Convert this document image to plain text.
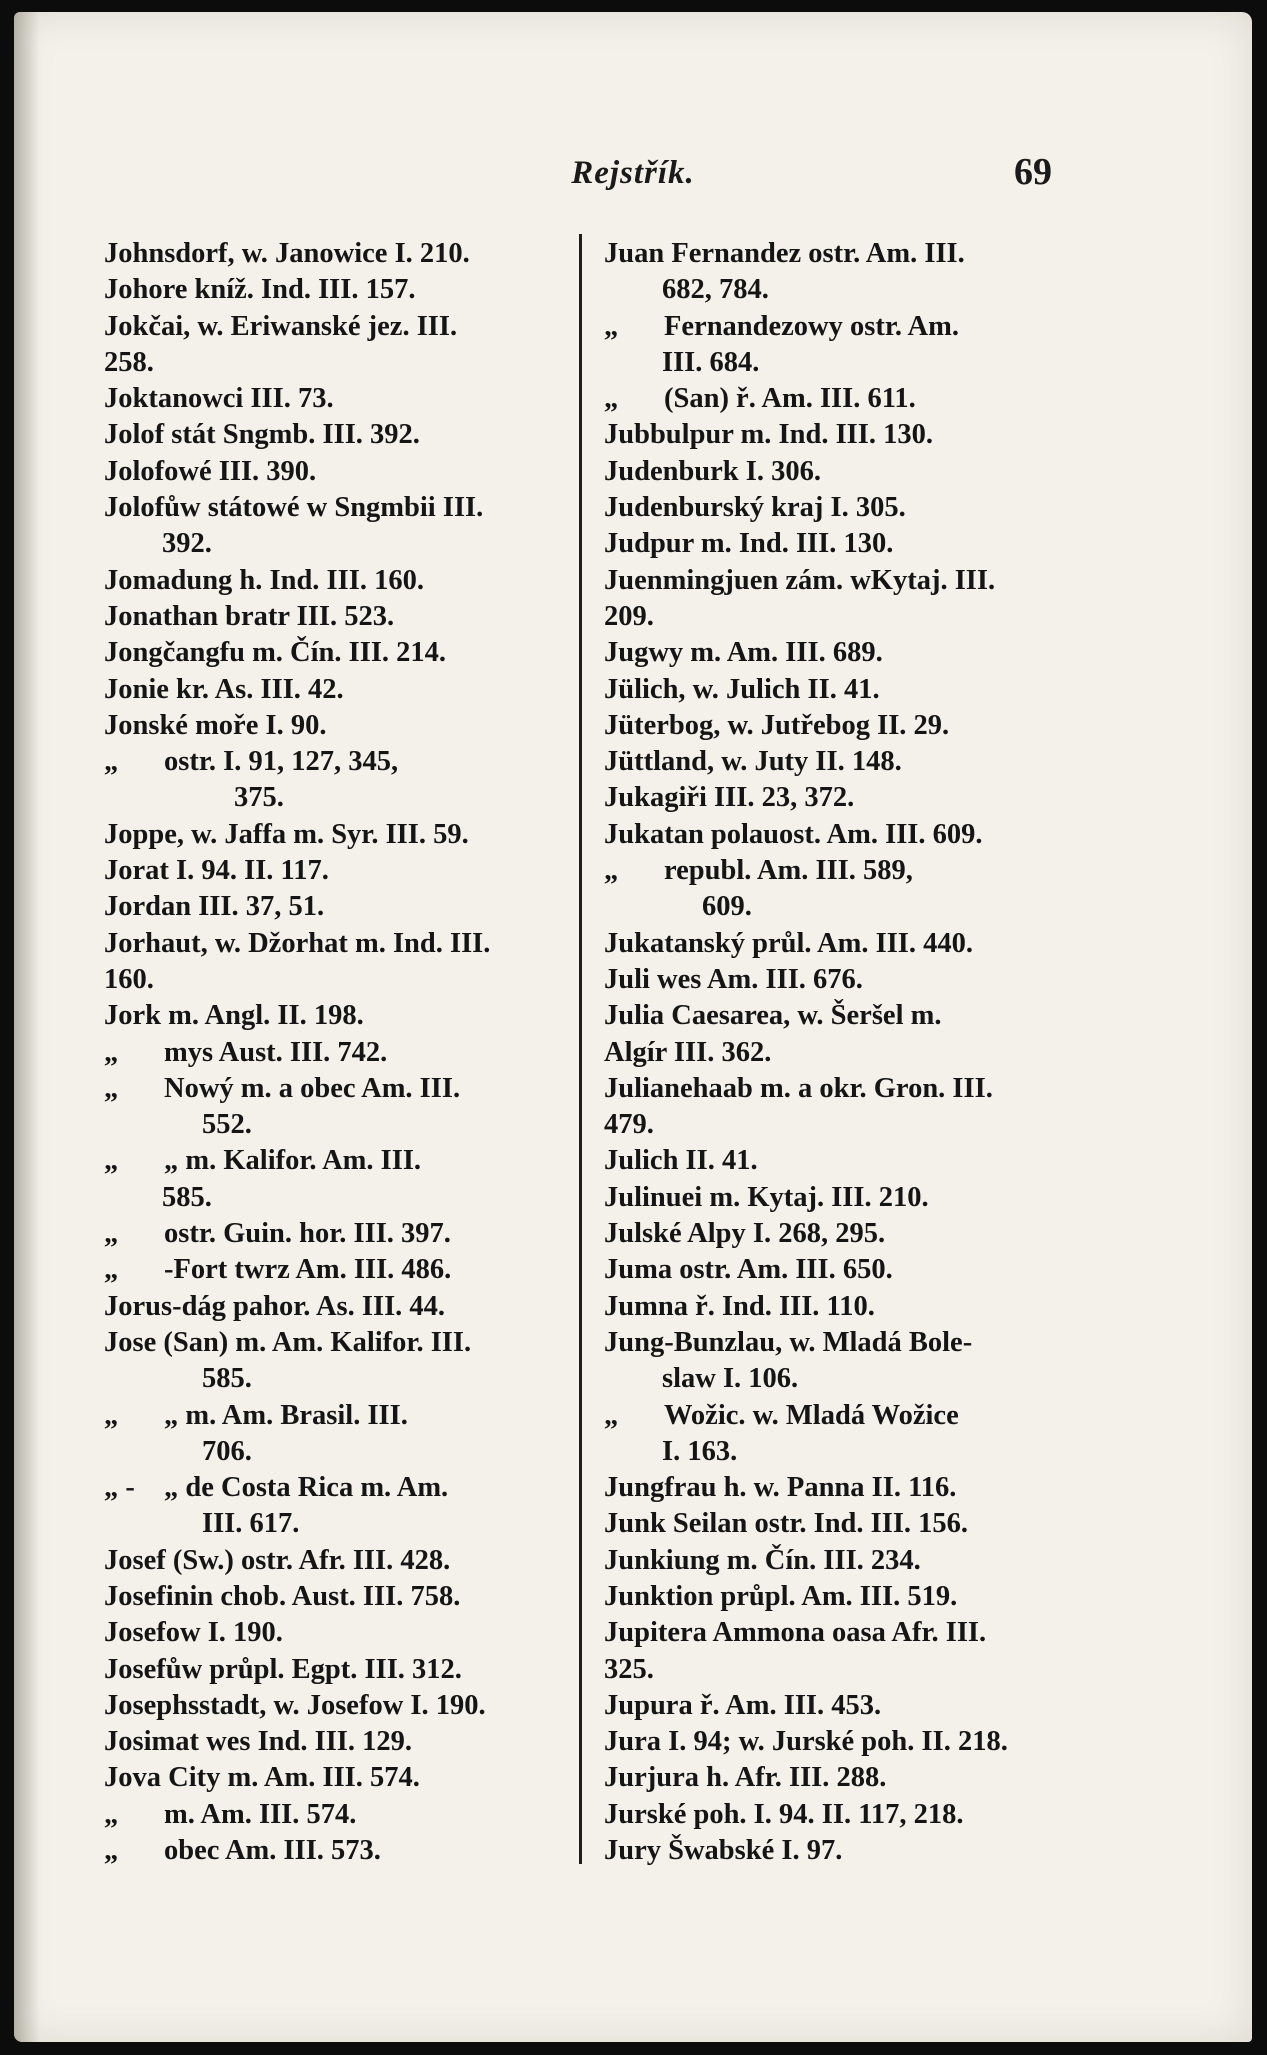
Rejstřík.	69
Johnsdorf, w. Janowice I. 210.
Johore kníž. Ind. III. 157.
Jokčai, w. Eriwanské jez. III.
258.
Joktanowci III. 73.
Jolof stát Sngmb. III. 392.
Jolofowé III. 390.
Jolofůw státowé w Sngmbii III.
392.
Jomadung h. Ind. III. 160.
Jonathan bratr III. 523.
Jongčangfu m. Čín. III. 214.
Jonie kr. As. III. 42.
Jonské moře I. 90.
„ ostr. I. 91, 127, 345,
375.
Joppe, w. Jaffa m. Syr. III. 59.
Jorat I. 94. II. 117.
Jordan III. 37, 51.
Jorhaut, w. Džorhat m. Ind. III.
160.
Jork m. Angl. II. 198.
„ mys Aust. III. 742.
„ Nowý m. a obec Am. III.
552.
„ „ m. Kalifor. Am. III.
585.
„ ostr. Guin. hor. III. 397.
„ -Fort twrz Am. III. 486.
Jorus-dág pahor. As. III. 44.
Jose (San) m. Am. Kalifor. III.
585.
„ „ m. Am. Brasil. III.
706.
„ - „ de Costa Rica m. Am.
III. 617.
Josef (Sw.) ostr. Afr. III. 428.
Josefinin chob. Aust. III. 758.
Josefow I. 190.
Josefůw průpl. Egpt. III. 312.
Josephsstadt, w. Josefow I. 190.
Josimat wes Ind. III. 129.
Jova City m. Am. III. 574.
„ m. Am. III. 574.
„ obec Am. III. 573.
Juan Fernandez ostr. Am. III.
682, 784.
„ Fernandezowy ostr. Am.
III. 684.
„ (San) ř. Am. III. 611.
Jubbulpur m. Ind. III. 130.
Judenburk I. 306.
Judenburský kraj I. 305.
Judpur m. Ind. III. 130.
Juenmingjuen zám. wKytaj. III.
209.
Jugwy m. Am. III. 689.
Jülich, w. Julich II. 41.
Jüterbog, w. Jutřebog II. 29.
Jüttland, w. Juty II. 148.
Jukagiři III. 23, 372.
Jukatan polauost. Am. III. 609.
„ republ. Am. III. 589,
609.
Jukatanský průl. Am. III. 440.
Juli wes Am. III. 676.
Julia Caesarea, w. Šeršel m.
Algír III. 362.
Julianehaab m. a okr. Gron. III.
479.
Julich II. 41.
Julinuei m. Kytaj. III. 210.
Julské Alpy I. 268, 295.
Juma ostr. Am. III. 650.
Jumna ř. Ind. III. 110.
Jung-Bunzlau, w. Mladá Bole-
slaw I. 106.
„ Wožic. w. Mladá Wožice
I. 163.
Jungfrau h. w. Panna II. 116.
Junk Seilan ostr. Ind. III. 156.
Junkiung m. Čín. III. 234.
Junktion průpl. Am. III. 519.
Jupitera Ammona oasa Afr. III.
325.
Jupura ř. Am. III. 453.
Jura I. 94; w. Jurské poh. II. 218.
Jurjura h. Afr. III. 288.
Jurské poh. I. 94. II. 117, 218.
Jury Šwabské I. 97.
